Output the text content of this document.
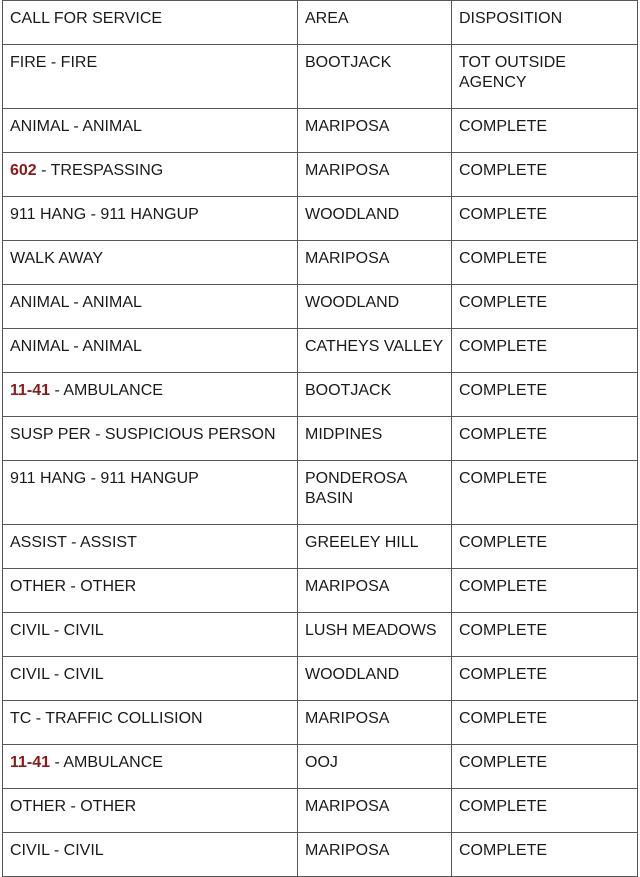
CALL FOR SERVICE	AREA	DISPOSITION
FIRE - FIRE	BOOTJACK	TOT OUTSIDE AGENCY
ANIMAL - ANIMAL	MARIPOSA	COMPLETE
602 - TRESPASSING	MARIPOSA	COMPLETE
911 HANG - 911 HANGUP	WOODLAND	COMPLETE
WALK AWAY	MARIPOSA	COMPLETE
ANIMAL - ANIMAL	WOODLAND	COMPLETE
ANIMAL - ANIMAL	CATHEYS VALLEY	COMPLETE
11-41 - AMBULANCE	BOOTJACK	COMPLETE
SUSP PER - SUSPICIOUS PERSON	MIDPINES	COMPLETE
911 HANG - 911 HANGUP	PONDEROSA BASIN	COMPLETE
ASSIST - ASSIST	GREELEY HILL	COMPLETE
OTHER - OTHER	MARIPOSA	COMPLETE
CIVIL - CIVIL	LUSH MEADOWS	COMPLETE
CIVIL - CIVIL	WOODLAND	COMPLETE
TC - TRAFFIC COLLISION	MARIPOSA	COMPLETE
11-41 - AMBULANCE	OOJ	COMPLETE
OTHER - OTHER	MARIPOSA	COMPLETE
CIVIL - CIVIL	MARIPOSA	COMPLETE
